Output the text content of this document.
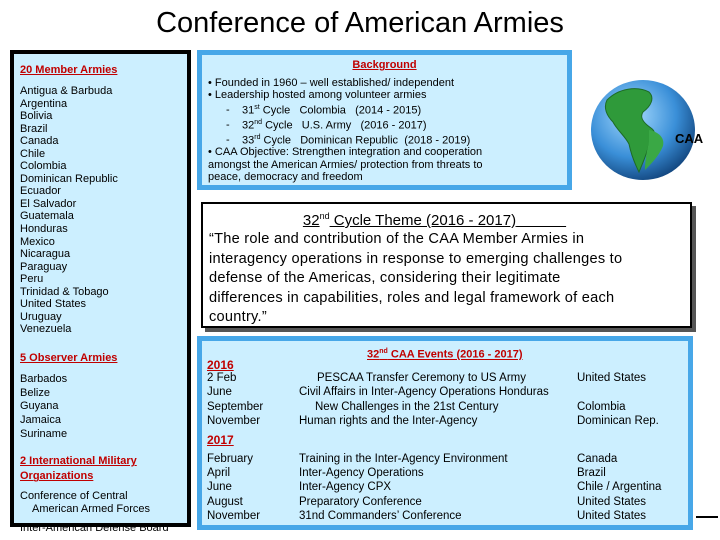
Conference of American Armies
20 Member Armies
Antigua & Barbuda
Argentina
Bolivia
Brazil
Canada
Chile
Colombia
Dominican Republic
Ecuador
El Salvador
Guatemala
Honduras
Mexico
Nicaragua
Paraguay
Peru
Trinidad & Tobago
United States
Uruguay
Venezuela
5 Observer Armies
Barbados
Belize
Guyana
Jamaica
Suriname
2 International Military
Organizations
Conference of Central
American Armed Forces
Inter-American Defense Board
Background
• Founded in 1960 – well established/ independent
• Leadership hosted among volunteer armies
- 31st Cycle Colombia (2014 - 2015)
- 32nd Cycle U.S. Army (2016 - 2017)
- 33rd Cycle Dominican Republic (2018 - 2019)
• CAA Objective: Strengthen integration and cooperation
amongst the American Armies/ protection from threats to
peace, democracy and freedom
CAA
32nd Cycle Theme (2016 - 2017)
“The role and contribution of the CAA Member Armies in
interagency operations in response to emerging challenges to
defense of the Americas, considering their legitimate
differences in capabilities, roles and legal framework of each
country.”
32nd CAA Events (2016 - 2017)
2016
2 Feb	PESCAA Transfer Ceremony to US Army	United States
June	Civil Affairs in Inter-Agency Operations Honduras
September	New Challenges in the 21st Century	Colombia
November	Human rights and the Inter-Agency	Dominican Rep.
2017
February	Training in the Inter-Agency Environment	Canada
April	Inter-Agency Operations	Brazil
June	Inter-Agency CPX	Chile / Argentina
August	Preparatory Conference	United States
November	31nd Commanders’ Conference	United States
